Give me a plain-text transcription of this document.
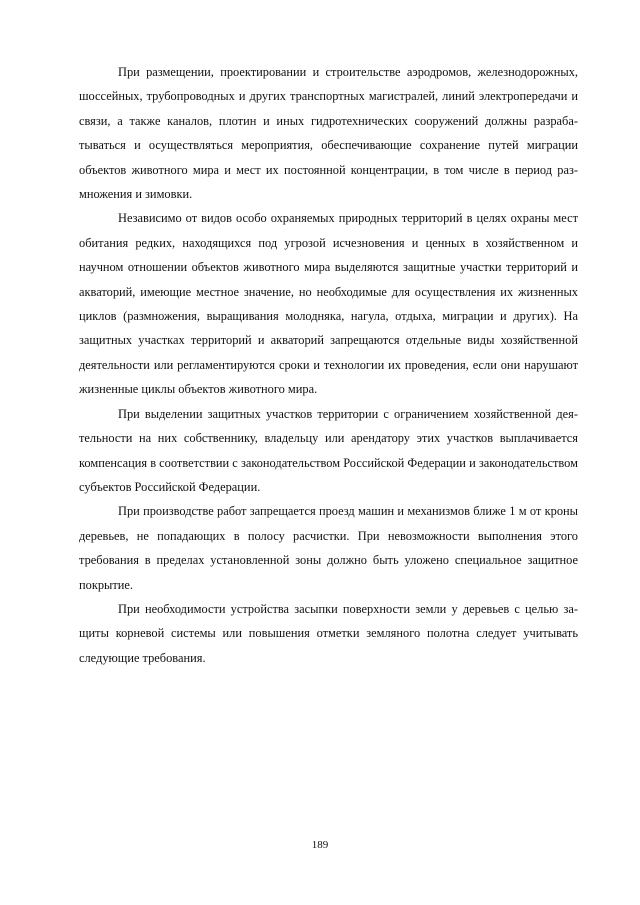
При размещении, проектировании и строительстве аэродромов, железнодорожных, шоссейных, трубопроводных и других транспортных магистралей, линий электропередачи и связи, а также каналов, плотин и иных гидротехнических сооружений должны разрабатываться и осуществляться мероприятия, обеспечивающие сохранение путей миграции объектов животного мира и мест их постоянной концентрации, в том числе в период размножения и зимовки.

Независимо от видов особо охраняемых природных территорий в целях охраны мест обитания редких, находящихся под угрозой исчезновения и ценных в хозяйственном и научном отношении объектов животного мира выделяются защитные участки территорий и акваторий, имеющие местное значение, но необходимые для осуществления их жизненных циклов (размножения, выращивания молодняка, нагула, отдыха, миграции и других). На защитных участках территорий и акваторий запрещаются отдельные виды хозяйственной деятельности или регламентируются сроки и технологии их проведения, если они нарушают жизненные циклы объектов животного мира.

При выделении защитных участков территории с ограничением хозяйственной деятельности на них собственнику, владельцу или арендатору этих участков выплачивается компенсация в соответствии с законодательством Российской Федерации и законодательством субъектов Российской Федерации.

При производстве работ запрещается проезд машин и механизмов ближе 1 м от кроны деревьев, не попадающих в полосу расчистки. При невозможности выполнения этого требования в пределах установленной зоны должно быть уложено специальное защитное покрытие.

При необходимости устройства засыпки поверхности земли у деревьев с целью защиты корневой системы или повышения отметки земляного полотна следует учитывать следующие требования.

189
